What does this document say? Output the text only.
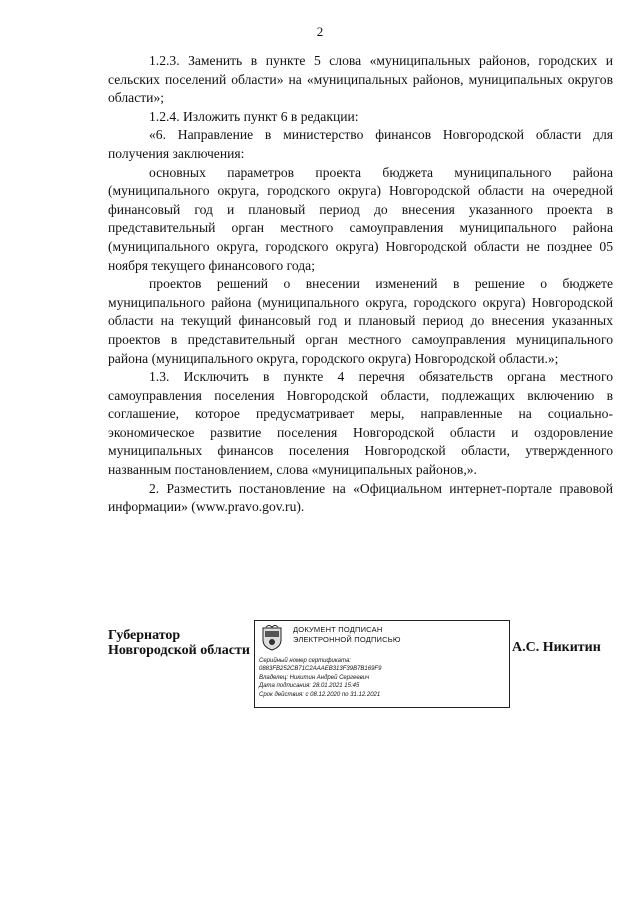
2

1.2.3. Заменить в пункте 5 слова «муниципальных районов, городских и сельских поселений области» на «муниципальных районов, муниципальных округов области»;

1.2.4. Изложить пункт 6 в редакции:

«6. Направление в министерство финансов Новгородской области для получения заключения:

основных параметров проекта бюджета муниципального района (муниципального округа, городского округа) Новгородской области на очередной финансовый год и плановый период до внесения указанного проекта в представительный орган местного самоуправления муниципального района (муниципального округа, городского округа) Новгородской области не позднее 05 ноября текущего финансового года;

проектов решений о внесении изменений в решение о бюджете муниципального района (муниципального округа, городского округа) Новгородской области на текущий финансовый год и плановый период до внесения указанных проектов в представительный орган местного самоуправления муниципального района (муниципального округа, городского округа) Новгородской области.»;

1.3. Исключить в пункте 4 перечня обязательств органа местного самоуправления поселения Новгородской области, подлежащих включению в соглашение, которое предусматривает меры, направленные на социально-экономическое развитие поселения Новгородской области и оздоровление муниципальных финансов поселения Новгородской области, утвержденного названным постановлением, слова «муниципальных районов,».

2. Разместить постановление на «Официальном интернет-портале правовой информации» (www.pravo.gov.ru).

Губернатор
Новгородской области
ДОКУМЕНТ ПОДПИСАН
ЭЛЕКТРОННОЙ ПОДПИСЬЮ
Серийный номер сертификата:
0883FB252CB71C2AAAEB313F39B7B169F9
Владелец: Никитин Андрей Сергеевич
Дата подписания: 28.01.2021 15:45
Срок действия: с 08.12.2020 по 31.12.2021
А.С. Никитин
